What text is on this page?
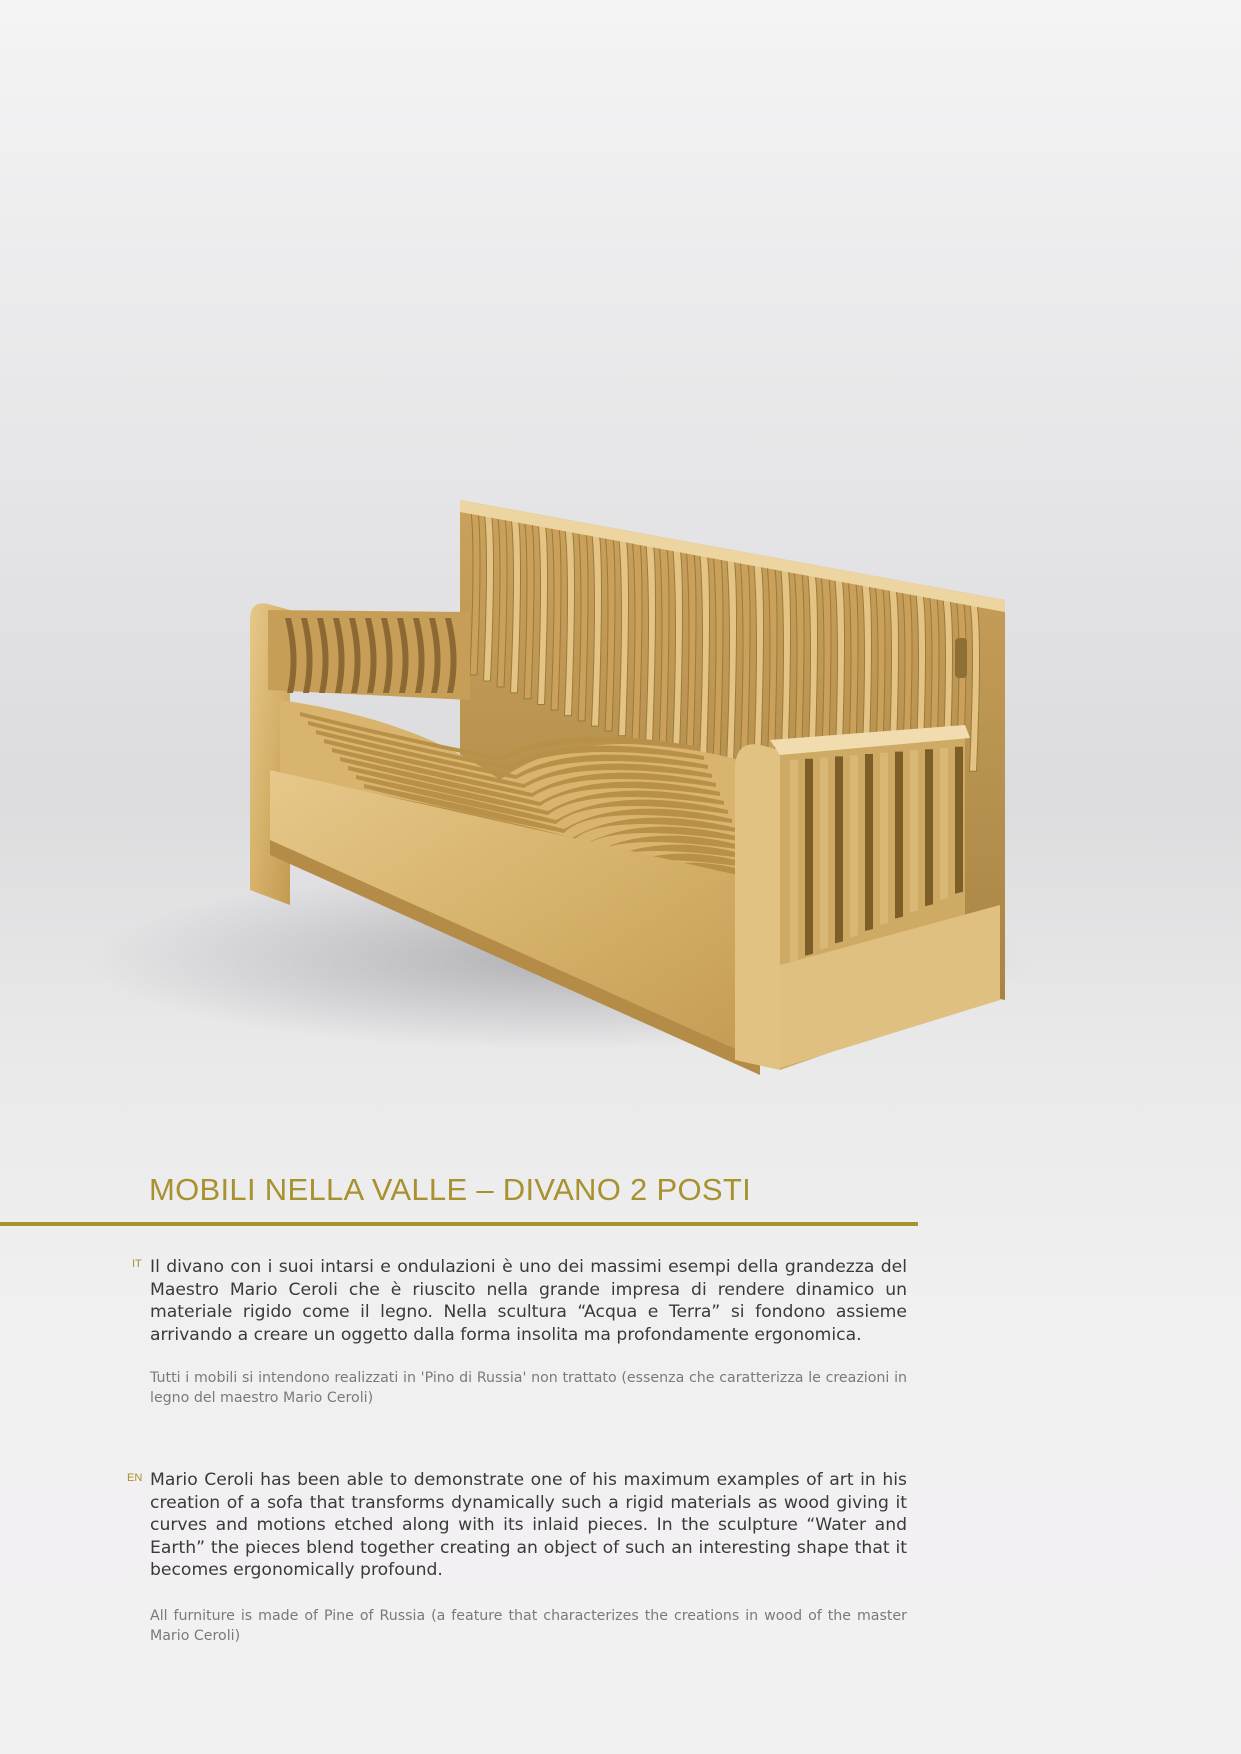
MOBILI NELLA VALLE – DIVANO 2 POSTI
IT Il divano con i suoi intarsi e ondulazioni è uno dei massimi esempi della grandezza del Maestro Mario Ceroli che è riuscito nella grande impresa di rendere dinamico un materiale rigido come il legno. Nella scultura “Acqua e Terra” si fondono assieme arrivando a creare un oggetto dalla forma insolita ma profondamente ergonomica.

Tutti i mobili si intendono realizzati in 'Pino di Russia' non trattato (essenza che caratterizza le creazioni in legno del maestro Mario Ceroli)

EN Mario Ceroli has been able to demonstrate one of his maximum examples of art in his creation of a sofa that transforms dynamically such a rigid materials as wood giving it curves and motions etched along with its inlaid pieces. In the sculpture “Water and Earth” the pieces blend together creating an object of such an interesting shape that it becomes ergonomically profound.

All furniture is made of Pine of Russia (a feature that characterizes the creations in wood of the master Mario Ceroli)
